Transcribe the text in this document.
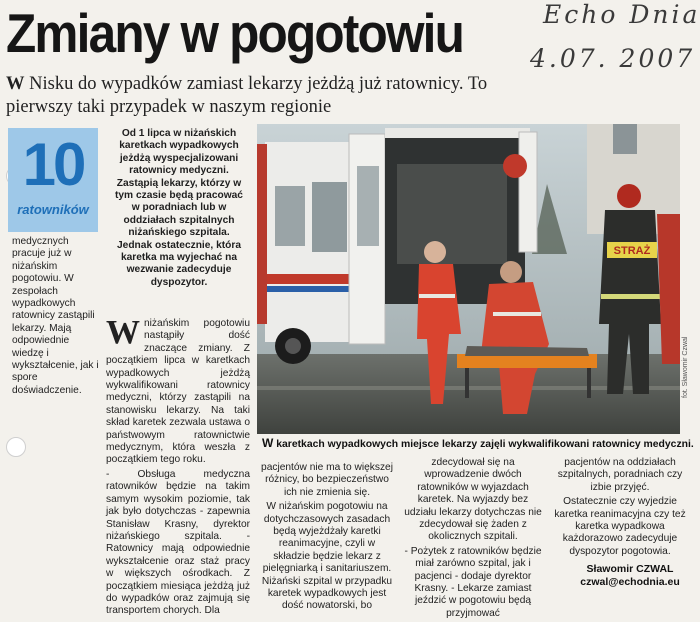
Zmiany w pogotowiu	Echo Dnia
4.07. 2007

W Nisku do wypadków zamiast lekarzy jeżdżą już ratownicy. To pierwszy taki przypadek w naszym regionie

10
ratowników
medycznych pracuje już w niżańskim pogotowiu. W zespołach wypadkowych ratownicy zastąpili lekarzy. Mają odpowiednie wiedzę i wykształcenie, jak i spore doświadczenie.
Od 1 lipca w niżańskich karetkach wypadkowych jeżdżą wyspecjalizowani ratownicy medyczni. Zastąpią lekarzy, którzy w tym czasie będą pracować w poradniach lub w oddziałach szpitalnych niżańskiego szpitala. Jednak ostatecznie, która karetka ma wyjechać na wezwanie zadecyduje dyspozytor.

W niżańskim pogotowiu nastąpiły dość znaczące zmiany. Z początkiem lipca w karetkach wypadkowych jeżdżą wykwalifikowani ratownicy medyczni, którzy zastąpili na stanowisku lekarzy. Na taki skład karetek zezwala ustawa o państwowym ratownictwie medycznym, która weszła z początkiem tego roku.

- Obsługa medyczna ratowników będzie na takim samym wysokim poziomie, tak jak było dotychczas - zapewnia Stanisław Krasny, dyrektor niżańskiego szpitala. - Ratownicy mają odpowiednie wykształcenie oraz staż pracy w większych ośrodkach. Z początkiem miesiąca jeżdżą już do wypadków oraz zajmują się transportem chorych. Dla

STRAŻ
fot. Sławomir Czwal
W karetkach wypadkowych miejsce lekarzy zajęli wykwalifikowani ratownicy medyczni.

pacjentów nie ma to większej różnicy, bo bezpieczeństwo ich nie zmienia się.

W niżańskim pogotowiu na dotychczasowych zasadach będą wyjeżdżały karetki reanimacyjne, czyli w składzie będzie lekarz z pielęgniarką i sanitariuszem. Niżański szpital w przypadku karetek wypadkowych jest dość nowatorski, bo

zdecydował się na wprowadzenie dwóch ratowników w wyjazdach karetek. Na wyjazdy bez udziału lekarzy dotychczas nie zdecydował się żaden z okolicznych szpitali.

- Pożytek z ratowników będzie miał zarówno szpital, jak i pacjenci - dodaje dyrektor Krasny. - Lekarze zamiast jeździć w pogotowiu będą przyjmować

pacjentów na oddziałach szpitalnych, poradniach czy izbie przyjęć.

Ostatecznie czy wyjedzie karetka reanimacyjna czy też karetka wypadkowa każdorazowo zadecyduje dyspozytor pogotowia.

Sławomir CZWAL
czwal@echodnia.eu
